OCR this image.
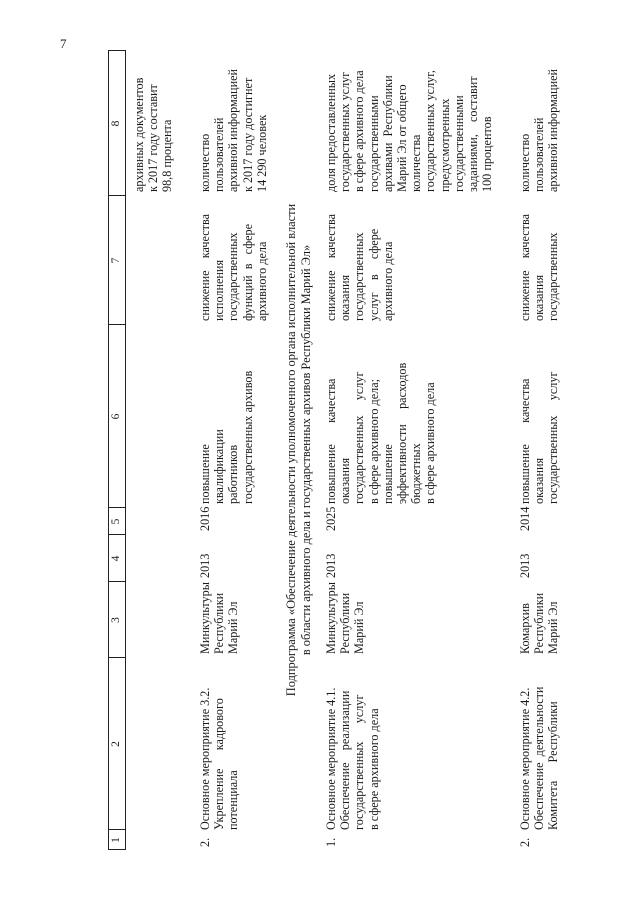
7
1
2
3
4
5
6
7
8
архивных документов
к 2017 году составит
98,8 процента
2.
Основное мероприятие 3.2.
Укрепление      кадрового
потенциала
Минкультуры
Республики
Марий Эл
2013
2016
повышение
квалификации
работников
государственных архивов
снижение    качества
исполнения
государственных
функций  в   сфере
архивного дела
количество
пользователей
архивной информацией
к 2017 году достигнет
14 290 человек
Подпрограмма «Обеспечение деятельности уполномоченного органа исполнительной власти
в области архивного дела и государственных архивов Республики Марий Эл»
1.
Основное мероприятие 4.1.
Обеспечение    реализации
государственных      услуг
в сфере архивного дела
Минкультуры
Республики
Марий Эл
2013
2025
повышение       качества
оказания
государственных     услуг
в сфере архивного дела;
повышение
эффективности     расходов
бюджетных
в сфере архивного дела
снижение    качества
оказания
государственных
услуг    в     сфере
архивного дела
доля предоставленных
государственных услуг
в сфере архивного дела
государственными
архивами  Республики
Марий Эл от общего
количества
государственных услуг,
предусмотренных
государственными
заданиями,    составит
100 процентов
2.
Основное мероприятие 4.2.
Обеспечение  деятельности
Комитета      Республики
Комархив
Республики
Марий Эл
2013
2014
повышение       качества
оказания
государственных     услуг
снижение    качества
оказания
государственных
количество
пользователей
архивной информацией
